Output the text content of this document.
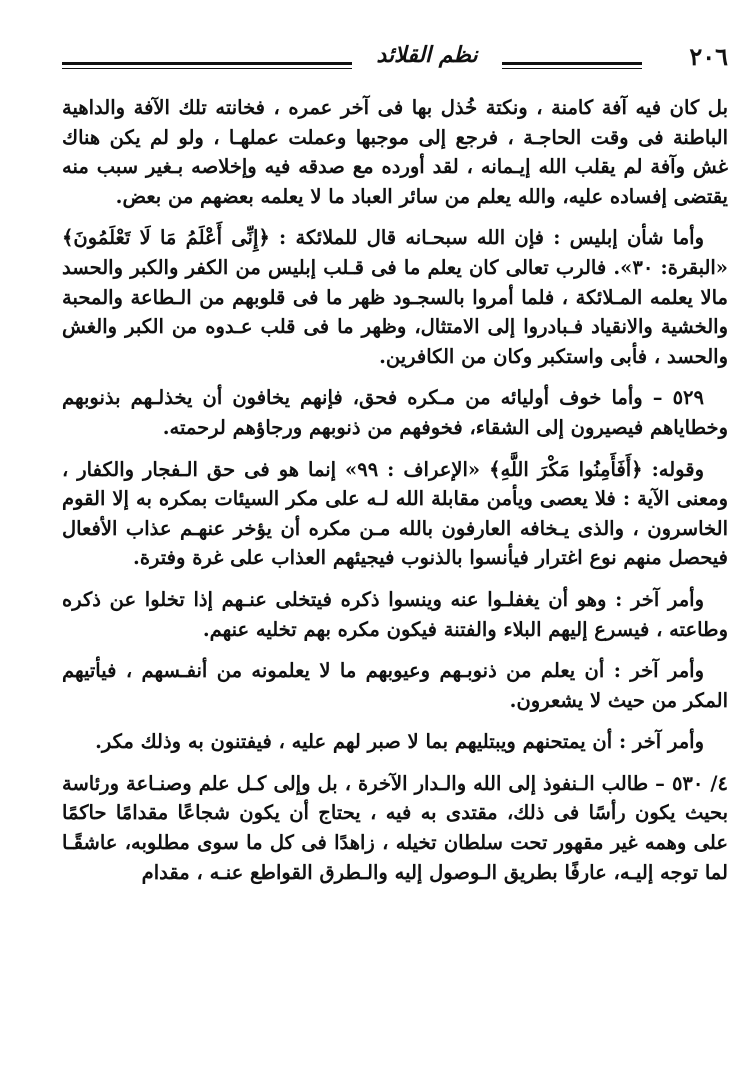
نظم القلائد	٢٠٦

بل كان فيه آفة كامنة ، ونكتة خُذل بها فى آخر عمره ، فخانته تلك الآفة والداهية الباطنة فى وقت الحاجـة ، فرجع إلى موجبها وعملت عملهـا ، ولو لم يكن هناك غش وآفة لم يقلب الله إيـمانه ، لقد أورده مع صدقه فيه وإخلاصه بـغير سبب منه يقتضى إفساده عليه، والله يعلم من سائر العباد ما لا يعلمه بعضهم من بعض.

وأما شأن إبليس : فإن الله سبحـانه قال للملائكة : ﴿إِنِّى أَعْلَمُ مَا لَا تَعْلَمُونَ﴾ «البقرة: ٣٠». فالرب تعالى كان يعلم ما فى قـلب إبليس من الكفر والكبر والحسد مالا يعلمه المـلائكة ، فلما أمروا بالسجـود ظهر ما فى قلوبهم من الـطاعة والمحبة والخشية والانقياد فـبادروا إلى الامتثال، وظهر ما فى قلب عـدوه من الكبر والغش والحسد ، فأبى واستكبر وكان من الكافرين.

٥٢٩ – وأما خوف أوليائه من مـكره فحق، فإنهم يخافون أن يخذلـهم بذنوبهم وخطاياهم فيصيرون إلى الشقاء، فخوفهم من ذنوبهم ورجاؤهم لرحمته.

وقوله: ﴿أَفَأَمِنُوا مَكْرَ اللَّهِ﴾ «الإعراف : ٩٩» إنما هو فى حق الـفجار والكفار ، ومعنى الآية : فلا يعصى ويأمن مقابلة الله لـه على مكر السيئات بمكره به إلا القوم الخاسرون ، والذى يـخافه العارفون بالله مـن مكره أن يؤخر عنهـم عذاب الأفعال فيحصل منهم نوع اغترار فيأنسوا بالذنوب فيجيئهم العذاب على غرة وفترة.

وأمر آخر : وهو أن يغفلـوا عنه وينسوا ذكره فيتخلى عنـهم إذا تخلوا عن ذكره وطاعته ، فيسرع إليهم البلاء والفتنة فيكون مكره بهم تخليه عنهم.

وأمر آخر : أن يعلم من ذنوبـهم وعيوبهم ما لا يعلمونه من أنفـسهم ، فيأتيهم المكر من حيث لا يشعرون.

وأمر آخر : أن يمتحنهم ويبتليهم بما لا صبر لهم عليه ، فيفتنون به وذلك مكر.

٤/ ٥٣٠ – طالب الـنفوذ إلى الله والـدار الآخرة ، بل وإلى كـل علم وصنـاعة ورئاسة بحيث يكون رأسًا فى ذلك، مقتدى به فيه ، يحتاج أن يكون شجاعًا مقدامًا حاكمًا على وهمه غير مقهور تحت سلطان تخيله ، زاهدًا فى كل ما سوى مطلوبه، عاشقًـا لما توجه إليـه، عارفًا بطريق الـوصول إليه والـطرق القواطع عنـه ، مقدام
